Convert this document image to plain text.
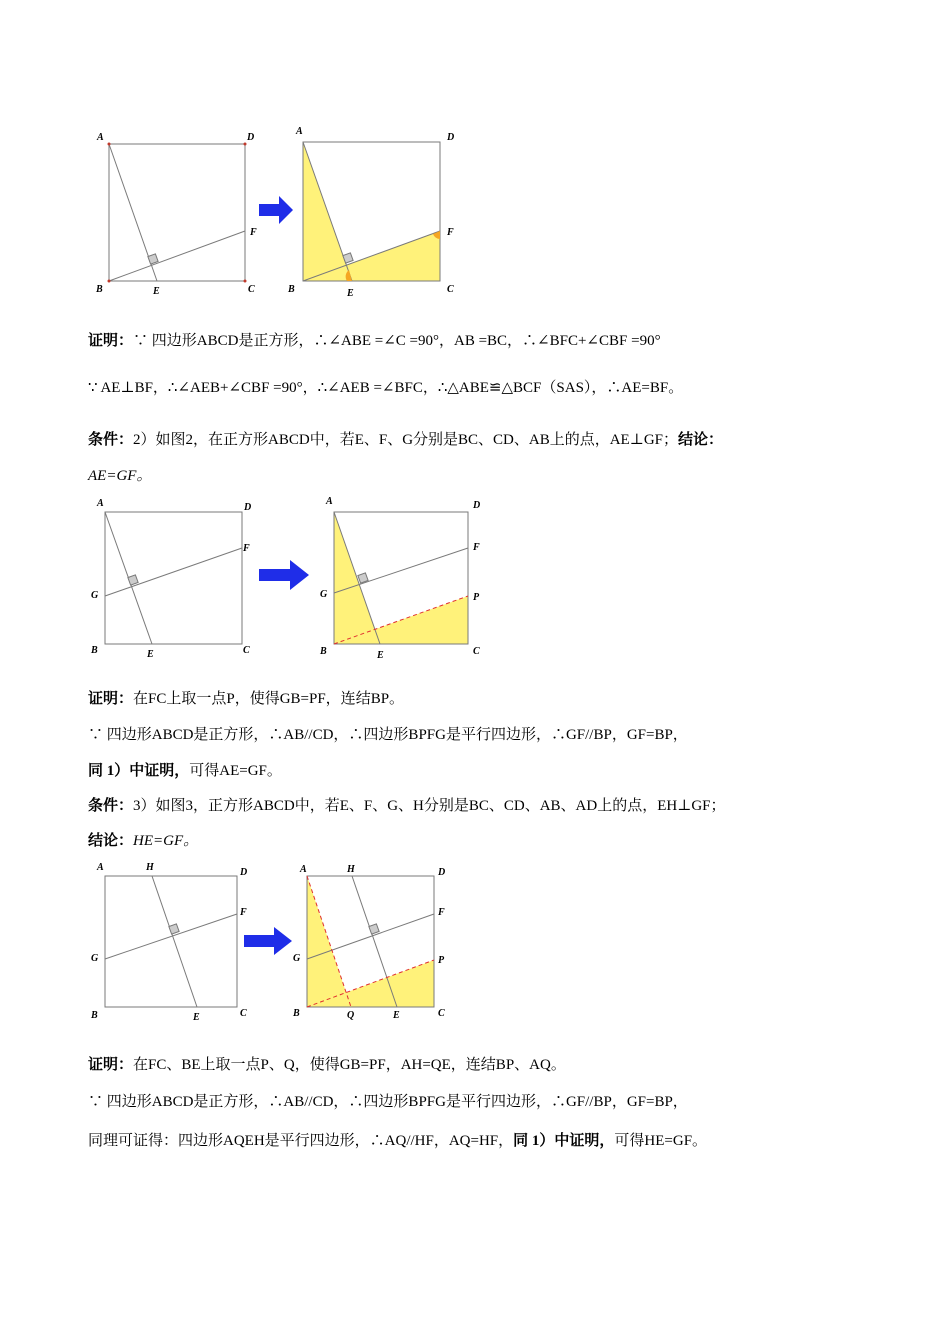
A	D
B	C
E
F
A
D
B	C
E
F
证明：∵ 四边形ABCD是正方形，∴∠ABE =∠C =90°，AB =BC，∴∠BFC+∠CBF =90°
∵ AE⊥BF，∴∠AEB+∠CBF =90°，∴∠AEB =∠BFC，∴△ABE≌△BCF（SAS），∴AE=BF。
条件：2）如图2，在正方形ABCD中，若E、F、G分别是BC、CD、AB上的点，AE⊥GF；结论：
AE=GF。
A	D
B	C
E
F
G
A	D
B	C
E
F
G	P
证明：在FC上取一点P，使得GB=PF，连结BP。
∵ 四边形ABCD是正方形，∴AB//CD，∴四边形BPFG是平行四边形，∴GF//BP，GF=BP，
同 1）中证明，可得AE=GF。
条件：3）如图3，正方形ABCD中，若E、F、G、H分别是BC、CD、AB、AD上的点，EH⊥GF；
结论：HE=GF。
A	H	D
B	C
E
F
G
A	H	D
B	C
Q	E
F
G	P
证明：在FC、BE上取一点P、Q，使得GB=PF，AH=QE，连结BP、AQ。
∵ 四边形ABCD是正方形，∴AB//CD，∴四边形BPFG是平行四边形，∴GF//BP，GF=BP，
同理可证得：四边形AQEH是平行四边形，∴AQ//HF，AQ=HF，同 1）中证明，可得HE=GF。
